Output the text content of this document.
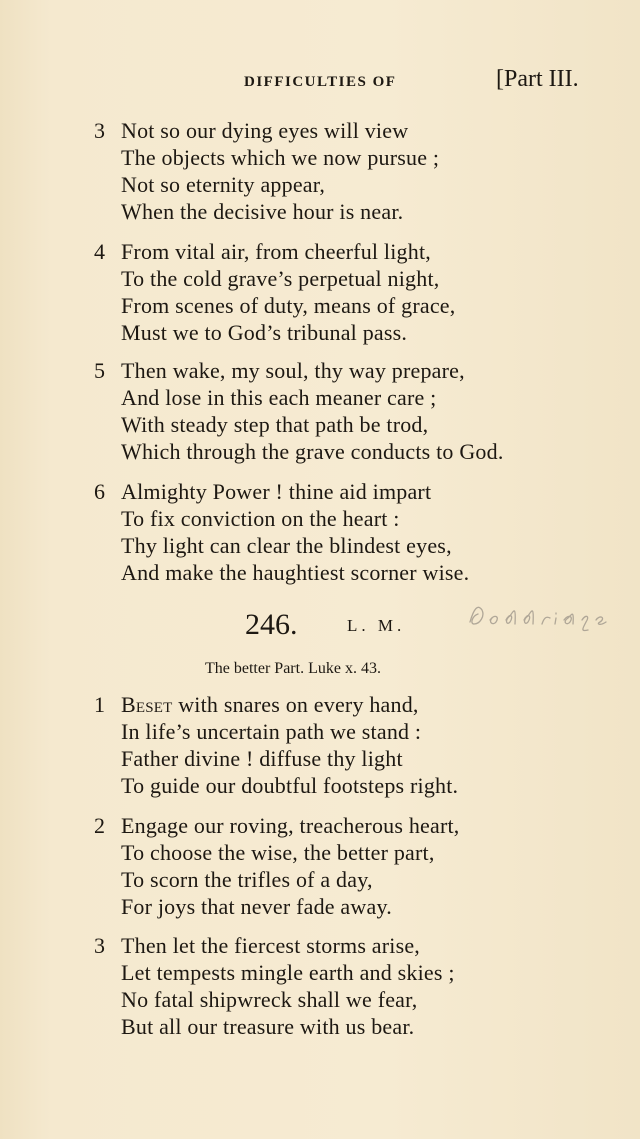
DIFFICULTIES OF	[Part III.
3 Not so our dying eyes will view
The objects which we now pursue ;
Not so eternity appear,
When the decisive hour is near.
4 From vital air, from cheerful light,
To the cold grave’s perpetual night,
From scenes of duty, means of grace,
Must we to God’s tribunal pass.
5 Then wake, my soul, thy way prepare,
And lose in this each meaner care ;
With steady step that path be trod,
Which through the grave conducts to God.
6 Almighty Power ! thine aid impart
To fix conviction on the heart :
Thy light can clear the blindest eyes,
And make the haughtiest scorner wise.
246.	L. M.
The better Part. Luke x. 43.
1 Beset with snares on every hand,
In life’s uncertain path we stand :
Father divine ! diffuse thy light
To guide our doubtful footsteps right.
2 Engage our roving, treacherous heart,
To choose the wise, the better part,
To scorn the trifles of a day,
For joys that never fade away.
3 Then let the fiercest storms arise,
Let tempests mingle earth and skies ;
No fatal shipwreck shall we fear,
But all our treasure with us bear.
